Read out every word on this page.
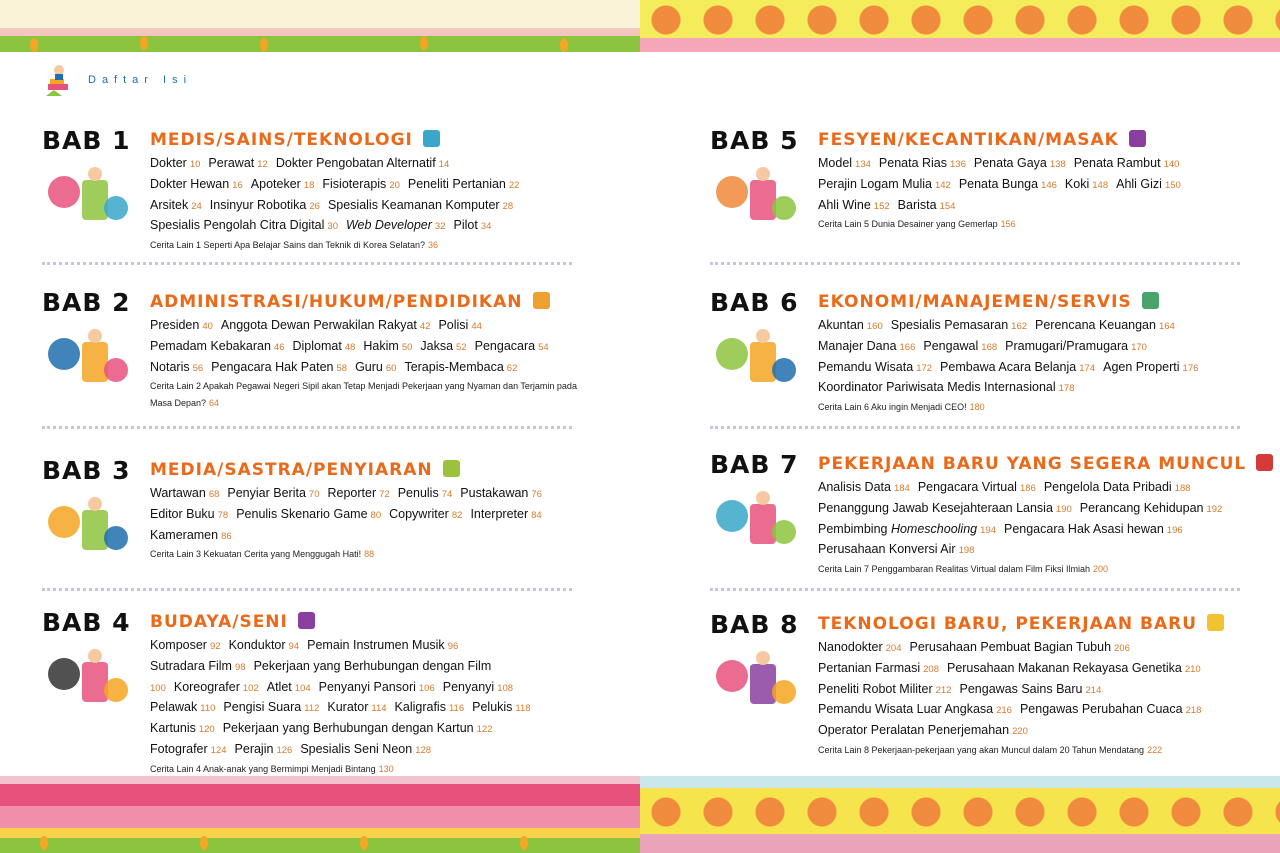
Daftar Isi
BAB 1 MEDIS/SAINS/TEKNOLOGI
Dokter 10 Perawat 12 Dokter Pengobatan Alternatif 14
Dokter Hewan 16 Apoteker 18 Fisioterapis 20 Peneliti Pertanian 22
Arsitek 24 Insinyur Robotika 26 Spesialis Keamanan Komputer 28
Spesialis Pengolah Citra Digital 30 Web Developer 32 Pilot 34
Cerita Lain 1 Seperti Apa Belajar Sains dan Teknik di Korea Selatan? 36
BAB 2 ADMINISTRASI/HUKUM/PENDIDIKAN
Presiden 40 Anggota Dewan Perwakilan Rakyat 42 Polisi 44
Pemadam Kebakaran 46 Diplomat 48 Hakim 50 Jaksa 52 Pengacara 54
Notaris 56 Pengacara Hak Paten 58 Guru 60 Terapis-Membaca 62
Cerita Lain 2 Apakah Pegawai Negeri Sipil akan Tetap Menjadi Pekerjaan yang Nyaman dan Terjamin pada Masa Depan? 64
BAB 3 MEDIA/SASTRA/PENYIARAN
Wartawan 68 Penyiar Berita 70 Reporter 72 Penulis 74 Pustakawan 76
Editor Buku 78 Penulis Skenario Game 80 Copywriter 82 Interpreter 84
Kameramen 86
Cerita Lain 3 Kekuatan Cerita yang Menggugah Hati! 88
BAB 4 BUDAYA/SENI
Komposer 92 Konduktor 94 Pemain Instrumen Musik 96
Sutradara Film 98 Pekerjaan yang Berhubungan dengan Film
100 Koreografer 102 Atlet 104 Penyanyi Pansori 106 Penyanyi 108
Pelawak 110 Pengisi Suara 112 Kurator 114 Kaligrafis 116 Pelukis 118
Kartunis 120 Pekerjaan yang Berhubungan dengan Kartun 122
Fotografer 124 Perajin 126 Spesialis Seni Neon 128
Cerita Lain 4 Anak-anak yang Bermimpi Menjadi Bintang 130
BAB 5 FESYEN/KECANTIKAN/MASAK
Model 134 Penata Rias 136 Penata Gaya 138 Penata Rambut 140
Perajin Logam Mulia 142 Penata Bunga 146 Koki 148 Ahli Gizi 150
Ahli Wine 152 Barista 154
Cerita Lain 5 Dunia Desainer yang Gemerlap 156
BAB 6 EKONOMI/MANAJEMEN/SERVIS
Akuntan 160 Spesialis Pemasaran 162 Perencana Keuangan 164
Manajer Dana 166 Pengawal 168 Pramugari/Pramugara 170
Pemandu Wisata 172 Pembawa Acara Belanja 174 Agen Properti 176
Koordinator Pariwisata Medis Internasional 178
Cerita Lain 6 Aku ingin Menjadi CEO! 180
BAB 7 PEKERJAAN BARU YANG SEGERA MUNCUL
Analisis Data 184 Pengacara Virtual 186 Pengelola Data Pribadi 188
Penanggung Jawab Kesejahteraan Lansia 190 Perancang Kehidupan 192
Pembimbing Homeschooling 194 Pengacara Hak Asasi hewan 196
Perusahaan Konversi Air 198
Cerita Lain 7 Penggambaran Realitas Virtual dalam Film Fiksi Ilmiah 200
BAB 8 TEKNOLOGI BARU, PEKERJAAN BARU
Nanodokter 204 Perusahaan Pembuat Bagian Tubuh 206
Pertanian Farmasi 208 Perusahaan Makanan Rekayasa Genetika 210
Peneliti Robot Militer 212 Pengawas Sains Baru 214
Pemandu Wisata Luar Angkasa 216 Pengawas Perubahan Cuaca 218
Operator Peralatan Penerjemahan 220
Cerita Lain 8 Pekerjaan-pekerjaan yang akan Muncul dalam 20 Tahun Mendatang 222
